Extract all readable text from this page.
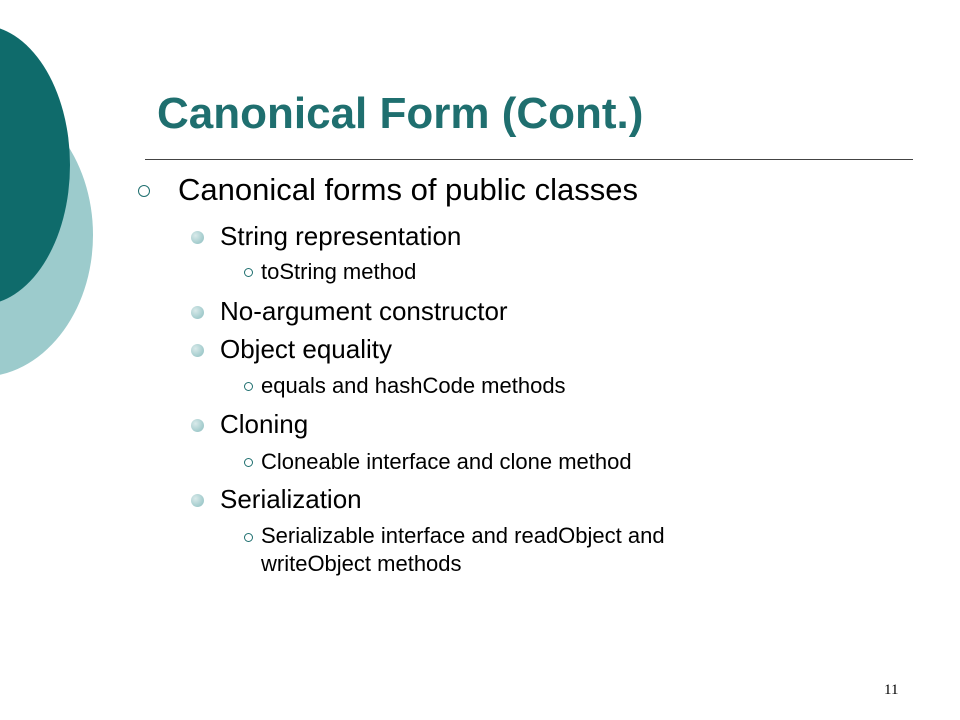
Canonical Form (Cont.)
Canonical forms of public classes
String representation
toString method
No-argument constructor
Object equality
equals and hashCode methods
Cloning
Cloneable interface and clone method
Serialization
Serializable interface and readObject and
writeObject methods
11
